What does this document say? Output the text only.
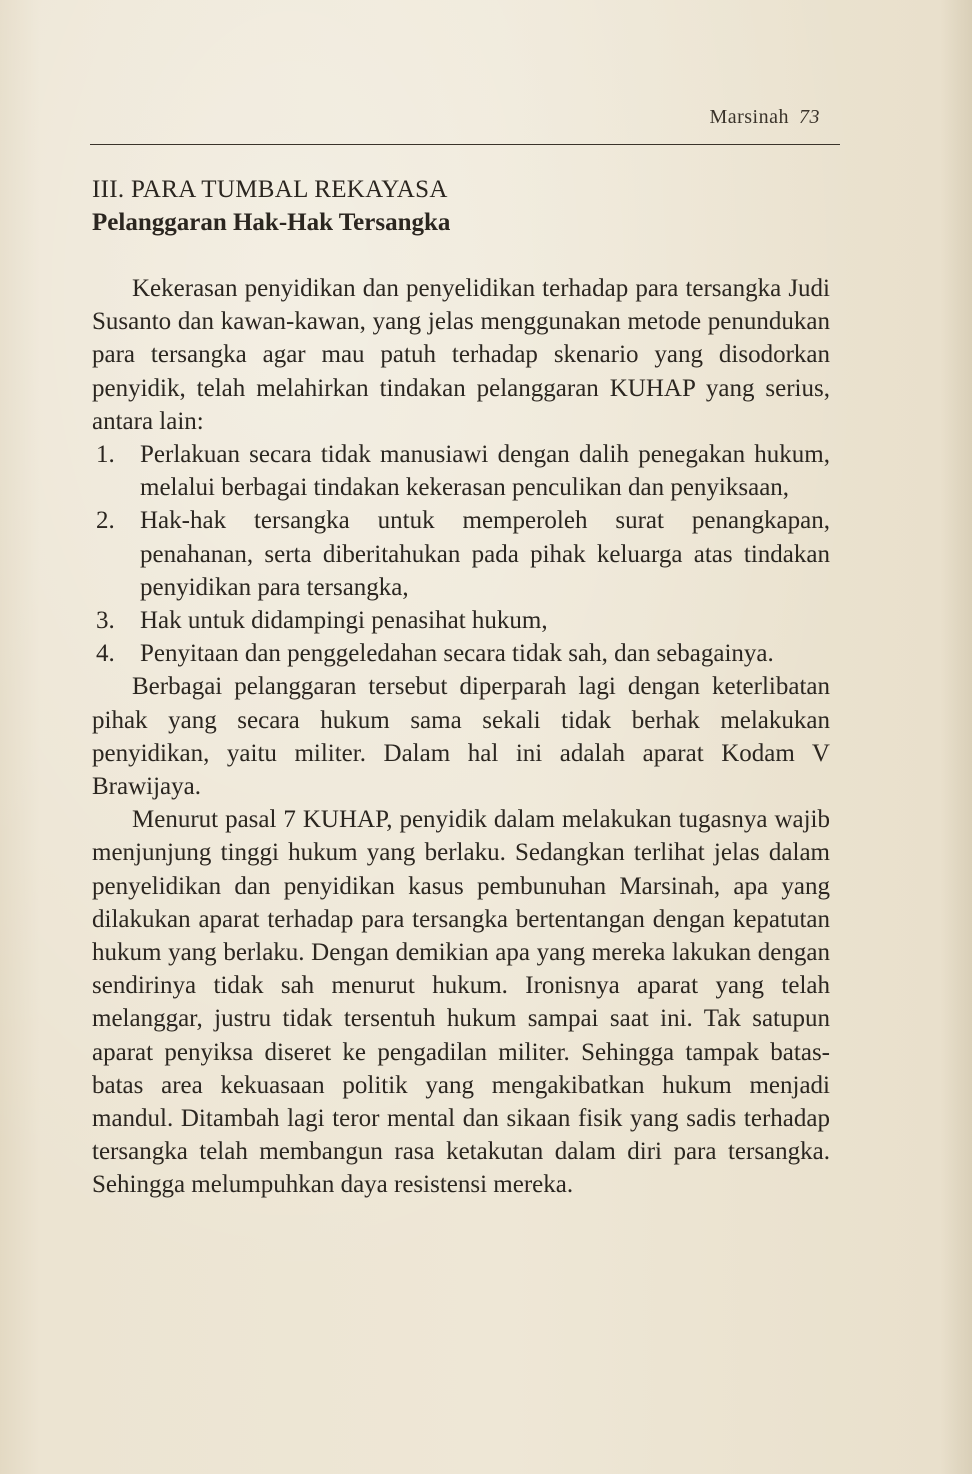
Marsinah 73
III. PARA TUMBAL REKAYASA
Pelanggaran Hak-Hak Tersangka

Kekerasan penyidikan dan penyelidikan terhadap para tersangka Judi Susanto dan kawan-kawan, yang jelas menggunakan metode penundukan para tersangka agar mau patuh terhadap skenario yang disodorkan penyidik, telah melahirkan tindakan pelanggaran KUHAP yang serius, antara lain:

1. Perlakuan secara tidak manusiawi dengan dalih penegakan hukum, melalui berbagai tindakan kekerasan penculikan dan penyiksaan,
2. Hak-hak tersangka untuk memperoleh surat penangkapan, penahanan, serta diberitahukan pada pihak keluarga atas tindakan penyidikan para tersangka,
3. Hak untuk didampingi penasihat hukum,
4. Penyitaan dan penggeledahan secara tidak sah, dan sebagainya.

Berbagai pelanggaran tersebut diperparah lagi dengan keterlibatan pihak yang secara hukum sama sekali tidak berhak melakukan penyidikan, yaitu militer. Dalam hal ini adalah aparat Kodam V Brawijaya.

Menurut pasal 7 KUHAP, penyidik dalam melakukan tugasnya wajib menjunjung tinggi hukum yang berlaku. Sedangkan terlihat jelas dalam penyelidikan dan penyidikan kasus pembunuhan Marsinah, apa yang dilakukan aparat terhadap para tersangka bertentangan dengan kepatutan hukum yang berlaku. Dengan demikian apa yang mereka lakukan dengan sendirinya tidak sah menurut hukum. Ironisnya aparat yang telah melanggar, justru tidak tersentuh hukum sampai saat ini. Tak satupun aparat penyiksa diseret ke pengadilan militer. Sehingga tampak batas-batas area kekuasaan politik yang mengakibatkan hukum menjadi mandul. Ditambah lagi teror mental dan sikaan fisik yang sadis terhadap tersangka telah membangun rasa ketakutan dalam diri para tersangka. Sehingga melumpuhkan daya resistensi mereka.
